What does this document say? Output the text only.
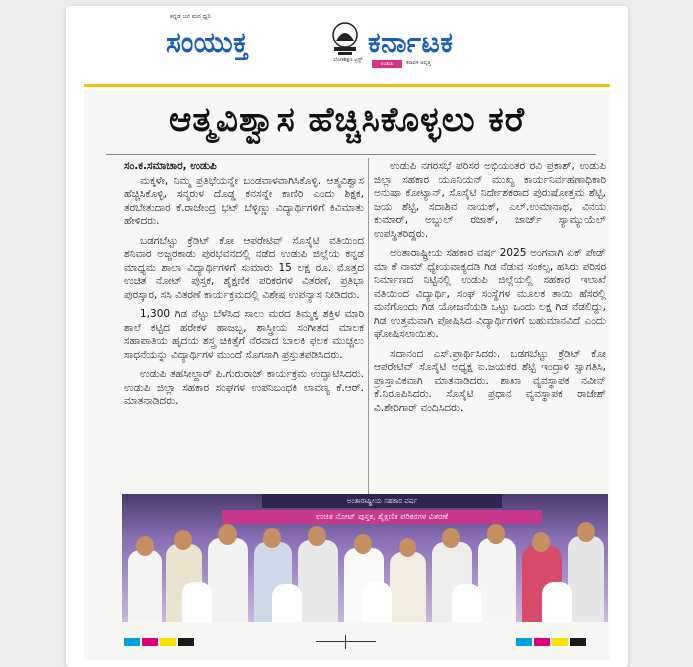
ಕನ್ನಡ ಜನ ಮನ ಧ್ವನಿ
ಸಂಯುಕ್ತ
ಲೋಕಶಿಕ್ಷಣ ಟ್ರಸ್ಟ್
ಕರ್ನಾಟಕ
ಉಡುಪಿ	ಕರಾವಳಿ ಆವೃತ್ತಿ
ಆತ್ಮವಿಶ್ವಾಸ ಹೆಚ್ಚಿಸಿಕೊಳ್ಳಲು ಕರೆ
ಸಂ.ಕ.ಸಮಾಚಾರ, ಉಡುಪಿ

ಮಕ್ಕಳೇ, ನಿಮ್ಮ ಪ್ರತಿಭೆಯನ್ನೇ ಬಂಡವಾಳವಾಗಿಸಿಕೊಳ್ಳಿ. ಆತ್ಮವಿಶ್ವಾಸ ಹೆಚ್ಚಿಸಿಕೊಳ್ಳಿ, ಸನ್ಮರುಳ ದೊಡ್ಡ ಕನಸನ್ನೇ ಕಾಣಿರಿ ಎಂದು ಶಿಕ್ಷಕ, ತರಬೇತುದಾರ ಕೆ.ರಾಜೇಂದ್ರ ಭಟ್ ಬೆಳ್ಳಿಣ್ಣು ವಿದ್ಯಾರ್ಥಿಗಳಿಗೆ ಕಿವಿಮಾತು ಹೇಳಿದರು.

ಬಡಗಬೆಟ್ಟು ಕ್ರೆಡಿಟ್ ಕೋ ಆಪರೇಟಿವ್ ಸೊಸೈಟಿ ವತಿಯಿಂದ ಶನಿವಾರ ಅಜ್ಜರಕಾಡು ಪುರಭವನದಲ್ಲಿ ನಡೆದ ಉಡುಪಿ ಜಿಲ್ಲೆಯ ಕನ್ನಡ ಮಾಧ್ಯಮ ಶಾಲಾ ವಿದ್ಯಾರ್ಥಿಗಳಿಗೆ ಸುಮಾರು 15 ಲಕ್ಷ ರೂ. ಮೊತ್ತದ ಉಚಿತ ನೋಟ್ ಪುಸ್ತಕ, ಶೈಕ್ಷಣಿಕ ಪರಿಕರಗಳ ವಿತರಣೆ, ಪ್ರತಿಭಾ ಪುರಸ್ಕಾರ, ಸಸಿ ವಿತರಣೆ ಕಾರ್ಯಕ್ರಮದಲ್ಲಿ ವಿಶೇಷ ಉಪನ್ಯಾಸ ನೀಡಿದರು.

1,300 ಗಿಡ ನೆಟ್ಟು ಬೆಳೆಸಿದ ಸಾಲು ಮರದ ತಿಮ್ಮಕ್ಕ ಶಕ್ತಿಳ ಮಾರಿ ಶಾಲೆ ಕಟ್ಟಿದ ಹರೇಕಳ ಹಾಜಬ್ಬ, ಶಾಸ್ತ್ರೀಯ ಸಂಗೀತದ ಮಾಲಕ ಸಹಾಪಾತಿಯ ಹೃದಯ ಶಸ್ತ್ರ ಚಿಕಿತ್ಸೆಗೆ ನೆರವಾದ ಬಾಲಕಿ ಫಲಕ ಮುಚ್ಚಲು ಸಾಧನೆಯನ್ನು ವಿದ್ಯಾರ್ಥಿಗಳ ಮುಂದೆ ಸೊಗಸಾಗಿ ಪ್ರಸ್ತುತಪಡಿಸಿದರು.

ಉಡುಪಿ ತಹಸೀಲ್ದಾರ್ ಪಿ.ಗುರುರಾಜ್ ಕಾರ್ಯಕ್ರಮ ಉದ್ಘಾಟಿಸಿದರು. ಉಡುಪಿ ಜಿಲ್ಲಾ ಸಹಕಾರ ಸಂಘಗಳ ಉಪನಿಬಂಧಕಿ ಲಾವಣ್ಯ ಕೆ.ಆರ್. ಮಾತನಾಡಿದರು.

ಉಡುಪಿ ನಗರಸಭೆ ಪರಿಸರ ಅಭಿಯಂತರ ರವಿ ಪ್ರಕಾಶ್, ಉಡುಪಿ ಜಿಲ್ಲಾ ಸಹಕಾರ ಯೂನಿಯನ್ ಮುಖ್ಯ ಕಾರ್ಯನಿರ್ವಹಣಾಧಿಕಾರಿ ಅನುಷಾ ಕೋಟ್ಯಾನ್, ಸೊಸೈಟಿ ನಿರ್ದೇಶಕರಾದ ಪುರುಷೋತ್ತಮ ಶೆಟ್ಟಿ, ಜಯ ಶೆಟ್ಟಿ, ಸದಾಶಿವ ನಾಯಕ್, ಎಲ್.ಉಮಾನಾಥ, ವಿನಯ ಕುಮಾರ್, ಅಬ್ದುಲ್ ರಜಾಕ್, ಜಾರ್ಜ್ ಸ್ಯಾಮ್ಯುಯೆಲ್ ಉಪಸ್ಥಿತರಿದ್ದರು.

ಅಂತಾರಾಷ್ಟ್ರೀಯ ಸಹಕಾರ ವರ್ಷ 2025 ಅಂಗವಾಗಿ ಏಕ್ ಪೇಡ್ ಮಾ ಕೆ ನಾಮ್ ಧ್ಯೇಯವಾಕ್ಯದಡಿ ಗಿಡ ನೆಡುವ ಸಂಕಲ್ಪ, ಹಸಿರು ಪರಿಸರ ನಿರ್ಮಾಣದ ನಿಟ್ಟಿನಲ್ಲಿ ಉಡುಪಿ ಜಿಲ್ಲೆಯಲ್ಲಿ ಸಹಕಾರ ಇಲಾಖೆ ವತಿಯಿಂದ ವಿದ್ಯಾರ್ಥಿ, ಸಂಘ ಸಂಸ್ಥೆಗಳ ಮೂಲಕ ತಾಯಿ ಹೆಸರಲ್ಲಿ ಮನೆಗೊಂದು ಗಿಡ ಯೋಜನೆಯಡಿ ಒಟ್ಟು ಒಂದು ಲಕ್ಷ ಗಿಡ ನೆಡಲಿದ್ದು, ಗಿಡ ಉತ್ತಮವಾಗಿ ಪೋಷಿಸಿದ ವಿದ್ಯಾರ್ಥಿಗಳಿಗೆ ಬಹುಮಾನವಿದೆ ಎಂದು ಘೋಷಿಸಲಾಯಿತು.

ಸದಾನಂದ ಎಸ್.ಪ್ರಾರ್ಥಿಸಿದರು. ಬಡಗಬೆಟ್ಟು ಕ್ರೆಡಿಟ್ ಕೋ ಆಪರೇಟಿವ್ ಸೊಸೈಟಿ ಅಧ್ಯಕ್ಷ ಐ.ಜಯಕರ ಶೆಟ್ಟಿ ಇಂದ್ರಾಳಿ ಸ್ವಾಗತಿಸಿ, ಪ್ರಾಸ್ತಾವಿಕವಾಗಿ ಮಾತನಾಡಿದರು. ಶಾಖಾ ವ್ಯವಸ್ಥಾಪಕ ನವೀನ್ ಕೆ.ನಿರೂಪಿಸಿದರು. ಸೊಸೈಟಿ ಪ್ರಧಾನ ವ್ಯವಸ್ಥಾಪಕ ರಾಜೇಶ್ ವಿ.ಶೇರಿಗಾರ್ ವಂದಿಸಿದರು.

ಅಂತಾರಾಷ್ಟ್ರೀಯ ಸಹಕಾರ ವರ್ಷ
ಉಚಿತ ನೋಟ್ ಪುಸ್ತಕ, ಶೈಕ್ಷಣಿಕ ಪರಿಕರಗಳ ವಿತರಣೆ
